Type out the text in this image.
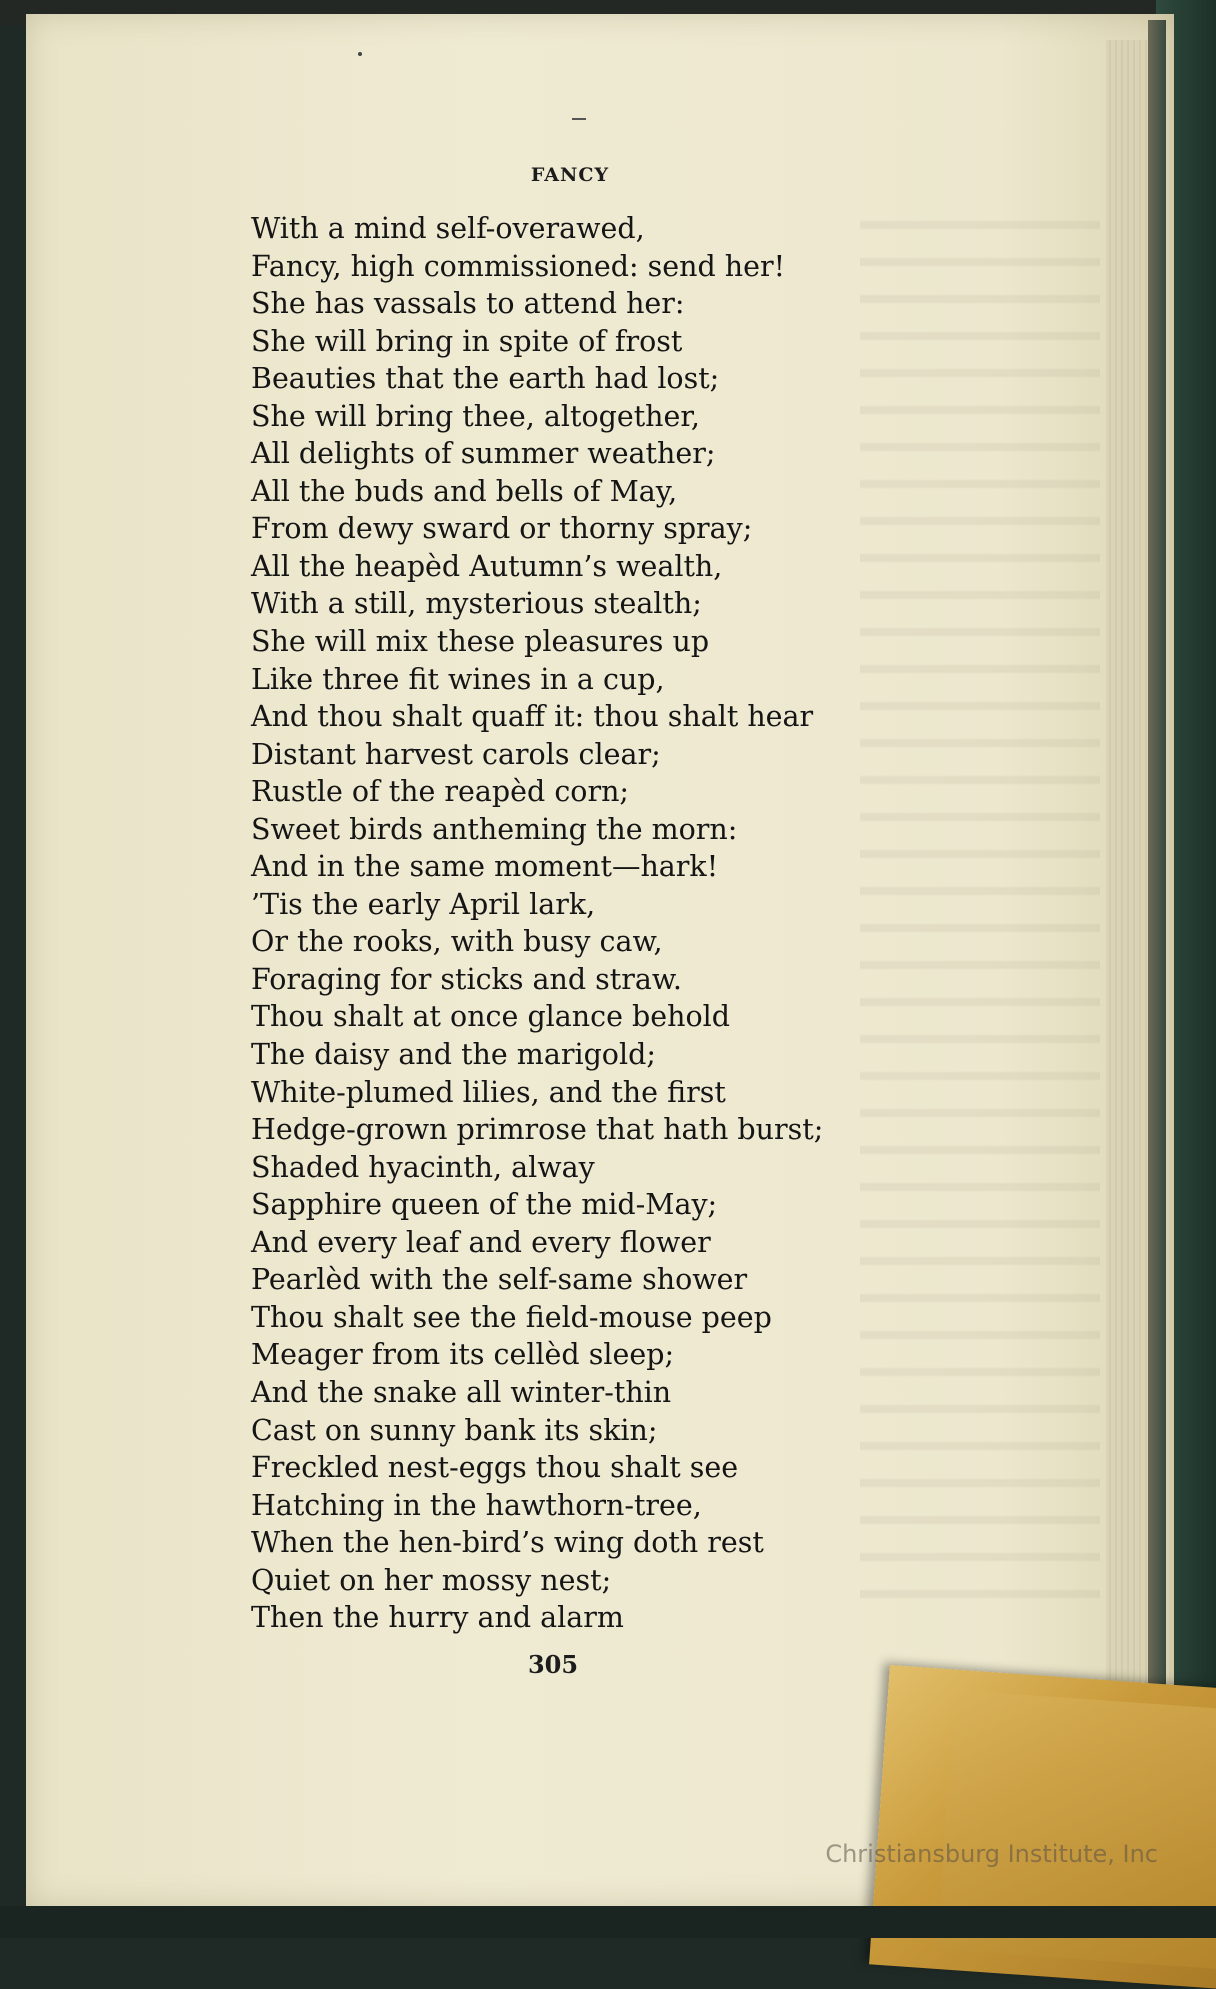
FANCY
With a mind self-overawed,
Fancy, high commissioned: send her!
She has vassals to attend her:
She will bring in spite of frost
Beauties that the earth had lost;
She will bring thee, altogether,
All delights of summer weather;
All the buds and bells of May,
From dewy sward or thorny spray;
All the heapèd Autumn’s wealth,
With a still, mysterious stealth;
She will mix these pleasures up
Like three fit wines in a cup,
And thou shalt quaff it: thou shalt hear
Distant harvest carols clear;
Rustle of the reapèd corn;
Sweet birds antheming the morn:
And in the same moment—hark!
’Tis the early April lark,
Or the rooks, with busy caw,
Foraging for sticks and straw.
Thou shalt at once glance behold
The daisy and the marigold;
White-plumed lilies, and the first
Hedge-grown primrose that hath burst;
Shaded hyacinth, alway
Sapphire queen of the mid-May;
And every leaf and every flower
Pearlèd with the self-same shower
Thou shalt see the field-mouse peep
Meager from its cellèd sleep;
And the snake all winter-thin
Cast on sunny bank its skin;
Freckled nest-eggs thou shalt see
Hatching in the hawthorn-tree,
When the hen-bird’s wing doth rest
Quiet on her mossy nest;
Then the hurry and alarm
305
Christiansburg Institute, Inc
